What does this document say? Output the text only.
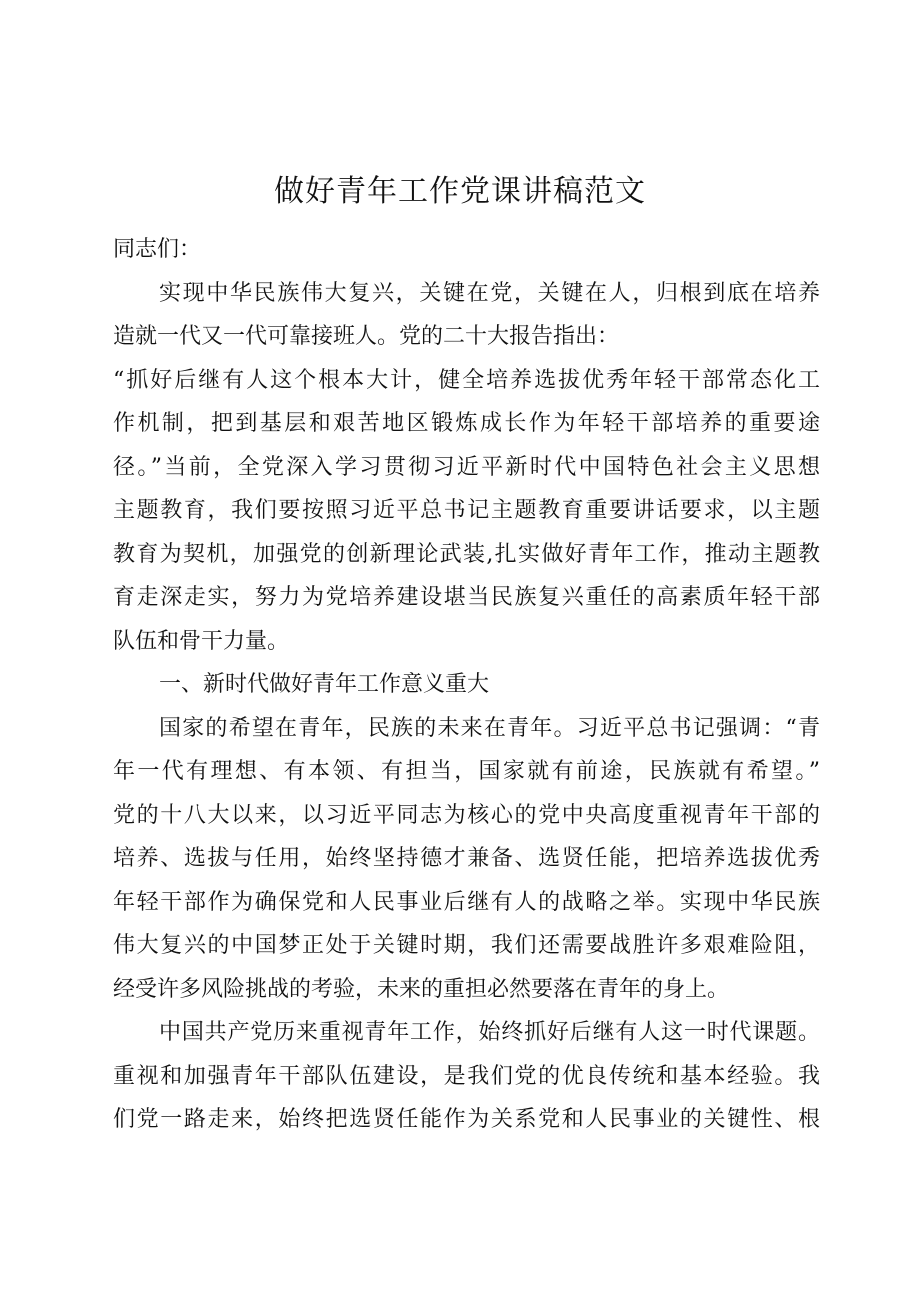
做好青年工作党课讲稿范文
同志们：
实现中华民族伟大复兴，关键在党，关键在人，归根到底在培养
造就一代又一代可靠接班人。党的二十大报告指出：
“抓好后继有人这个根本大计，健全培养选拔优秀年轻干部常态化工
作机制，把到基层和艰苦地区锻炼成长作为年轻干部培养的重要途
径。”当前，全党深入学习贯彻习近平新时代中国特色社会主义思想
主题教育，我们要按照习近平总书记主题教育重要讲话要求，以主题
教育为契机，加强党的创新理论武装,扎实做好青年工作，推动主题教
育走深走实，努力为党培养建设堪当民族复兴重任的高素质年轻干部
队伍和骨干力量。
一、新时代做好青年工作意义重大
国家的希望在青年，民族的未来在青年。习近平总书记强调：“青
年一代有理想、有本领、有担当，国家就有前途，民族就有希望。”
党的十八大以来，以习近平同志为核心的党中央高度重视青年干部的
培养、选拔与任用，始终坚持德才兼备、选贤任能，把培养选拔优秀
年轻干部作为确保党和人民事业后继有人的战略之举。实现中华民族
伟大复兴的中国梦正处于关键时期，我们还需要战胜许多艰难险阻，
经受许多风险挑战的考验，未来的重担必然要落在青年的身上。
中国共产党历来重视青年工作，始终抓好后继有人这一时代课题。
重视和加强青年干部队伍建设，是我们党的优良传统和基本经验。我
们党一路走来，始终把选贤任能作为关系党和人民事业的关键性、根
